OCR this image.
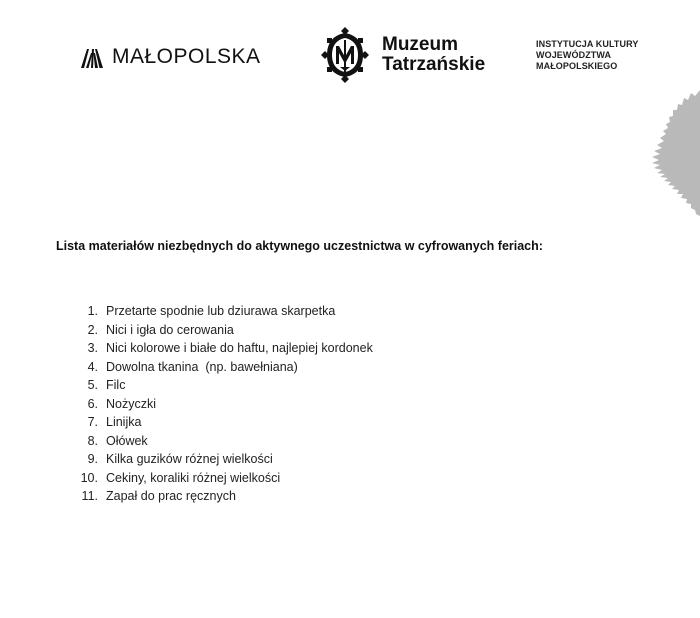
MAŁOPOLSKA
Muzeum
Tatrzańskie
INSTYTUCJA KULTURY
WOJEWÓDZTWA
MAŁOPOLSKIEGO
Lista materiałów niezbędnych do aktywnego uczestnictwa w cyfrowanych feriach:
1. Przetarte spodnie lub dziurawa skarpetka
2. Nici i igła do cerowania
3. Nici kolorowe i białe do haftu, najlepiej kordonek
4. Dowolna tkanina  (np. bawełniana)
5. Filc
6. Nożyczki
7. Linijka
8. Ołówek
9. Kilka guzików różnej wielkości
10. Cekiny, koraliki różnej wielkości
11. Zapał do prac ręcznych
